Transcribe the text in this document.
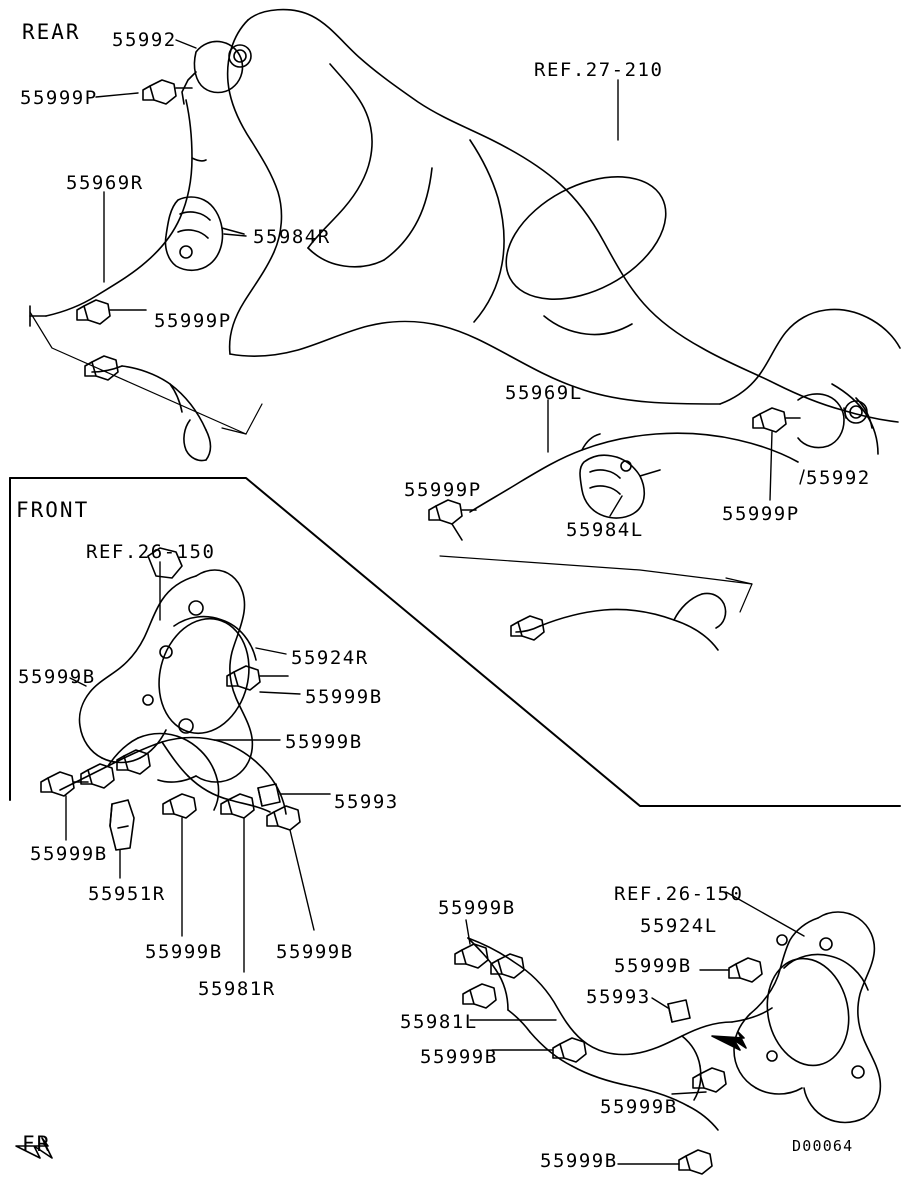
REAR 55992
55999P
REF.27-210
55969R
55984R
55999P
55969L
55999P
55992
55999P
55984L
FRONT
REF.26-150
55924R
55999B
55999B
55999B
55993
55999B
55951R
55999B	55999B
55981R
55999B
REF.26-150
55924L
55999B
55993
55981L
55999B
55999B
55999B
FR	D00064
